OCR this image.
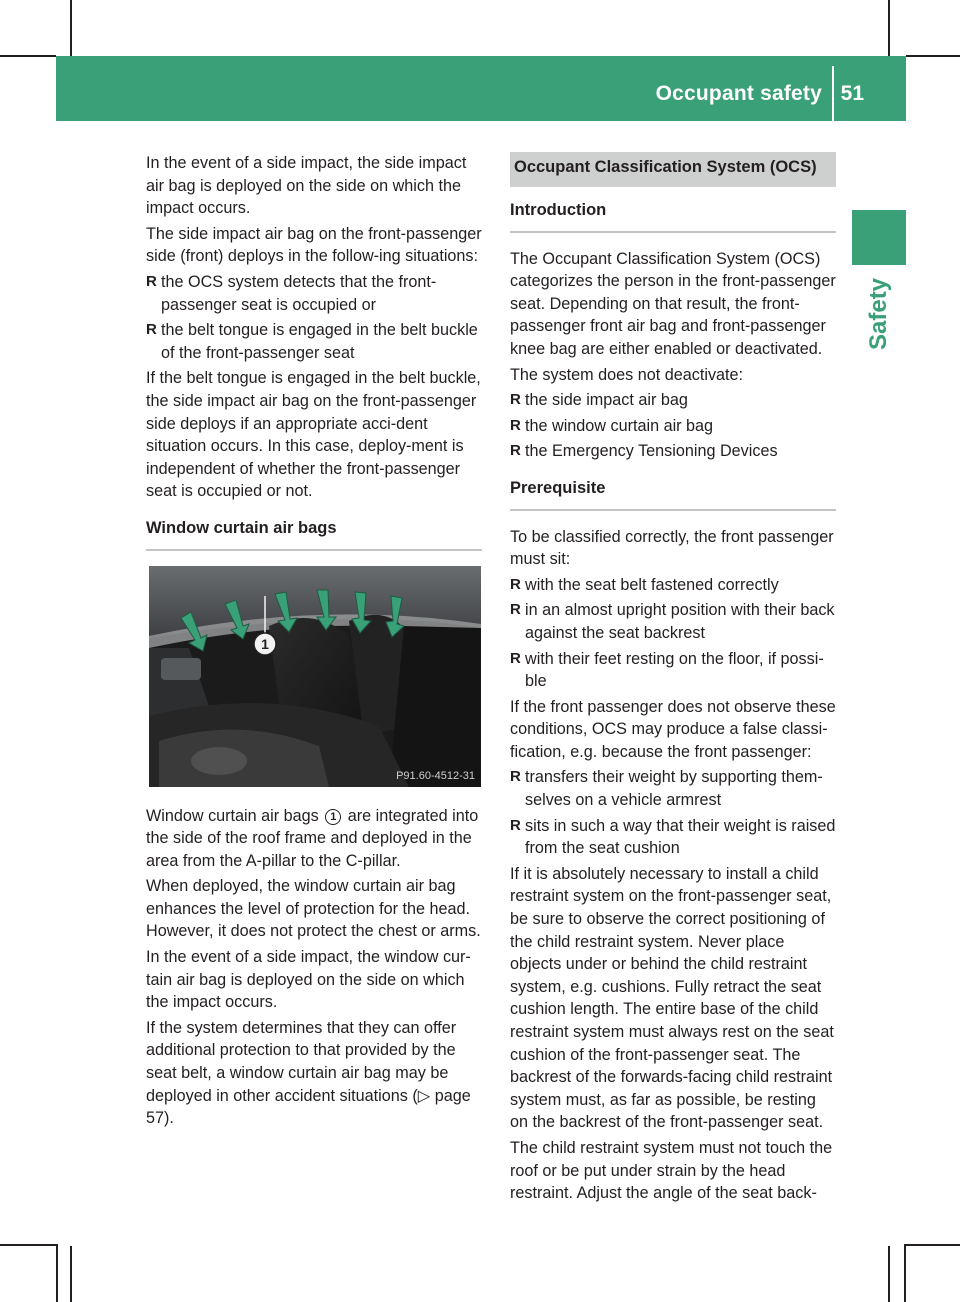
Occupant safety 51
Safety

In the event of a side impact, the side impact air bag is deployed on the side on which the impact occurs.

The side impact air bag on the front-passenger side (front) deploys in the follow-ing situations:

R the OCS system detects that the front-passenger seat is occupied or
R the belt tongue is engaged in the belt buckle of the front-passenger seat

If the belt tongue is engaged in the belt buckle, the side impact air bag on the front-passenger side deploys if an appropriate acci-dent situation occurs. In this case, deploy-ment is independent of whether the front-passenger seat is occupied or not.

Window curtain air bags
1
P91.60-4512-31

Window curtain air bags 1 are integrated into the side of the roof frame and deployed in the area from the A-pillar to the C-pillar.

When deployed, the window curtain air bag enhances the level of protection for the head. However, it does not protect the chest or arms.

In the event of a side impact, the window cur-tain air bag is deployed on the side on which the impact occurs.

If the system determines that they can offer additional protection to that provided by the seat belt, a window curtain air bag may be deployed in other accident situations (▷ page 57).

Occupant Classification System (OCS)
Introduction

The Occupant Classification System (OCS) categorizes the person in the front-passenger seat. Depending on that result, the front-passenger front air bag and front-passenger knee bag are either enabled or deactivated.

The system does not deactivate:

R the side impact air bag
R the window curtain air bag
R the Emergency Tensioning Devices
Prerequisite

To be classified correctly, the front passenger must sit:

R with the seat belt fastened correctly
R in an almost upright position with their back against the seat backrest
R with their feet resting on the floor, if possi-ble

If the front passenger does not observe these conditions, OCS may produce a false classi-fication, e.g. because the front passenger:

R transfers their weight by supporting them-selves on a vehicle armrest
R sits in such a way that their weight is raised from the seat cushion

If it is absolutely necessary to install a child restraint system on the front-passenger seat, be sure to observe the correct positioning of the child restraint system. Never place objects under or behind the child restraint system, e.g. cushions. Fully retract the seat cushion length. The entire base of the child restraint system must always rest on the seat cushion of the front-passenger seat. The backrest of the forwards-facing child restraint system must, as far as possible, be resting on the backrest of the front-passenger seat.

The child restraint system must not touch the roof or be put under strain by the head restraint. Adjust the angle of the seat back-
